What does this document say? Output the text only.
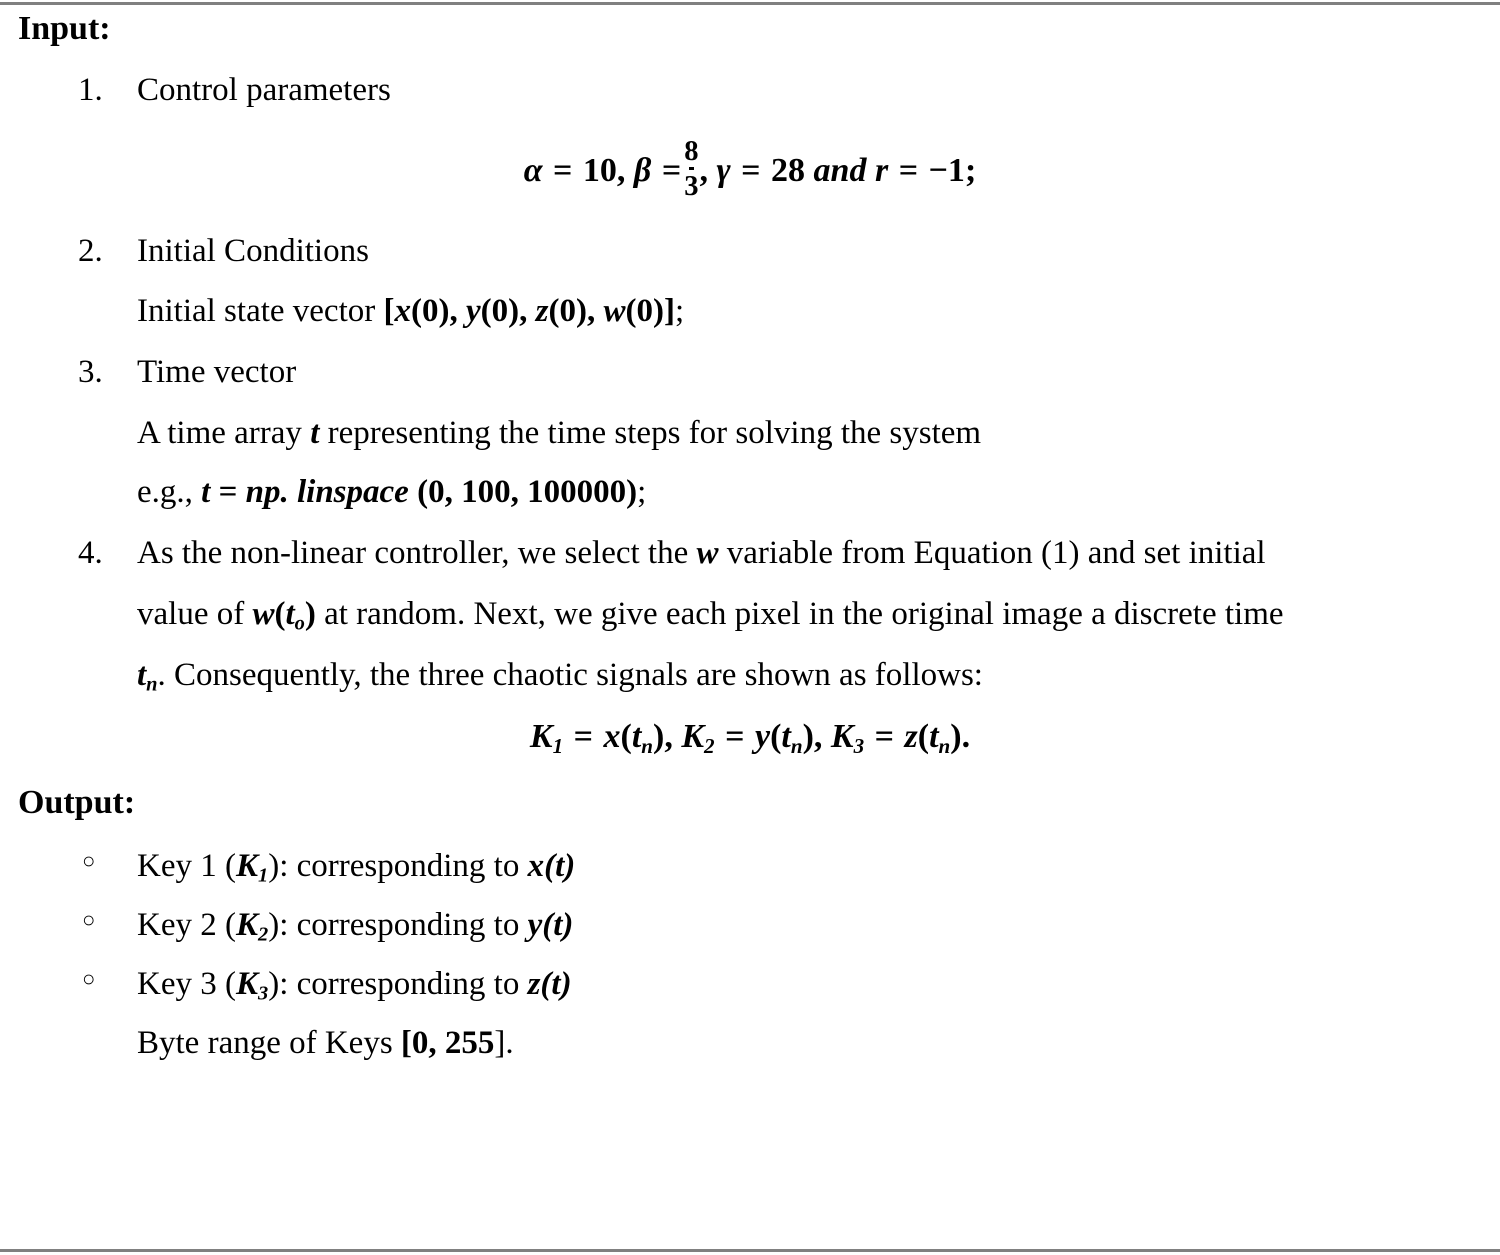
Input:
1.	Control parameters
α = 10, $\beta = \frac{8}{3}$ , γ = 28 and r = −1;
2.	Initial Conditions
Initial state vector [x(0), y(0), z(0), w(0)];
3.	Time vector
A time array t representing the time steps for solving the system
e.g., t = np. linspace (0, 100, 100000);
4.	As the non-linear controller, we select the w variable from Equation (1) and set initial
value of $w(t_o)$ at random. Next, we give each pixel in the original image a discrete time
$t_n$. Consequently, the three chaotic signals are shown as follows:
$K_1 = x(t_n)$, $K_2 = y(t_n)$, $K_3 = z(t_n)$.
Output:
○	Key 1 $(K_1)$: corresponding to x(t)
○	Key 2 $(K_2)$: corresponding to y(t)
○	Key 3 $(K_3)$: corresponding to z(t)
Byte range of Keys [0, 255].
